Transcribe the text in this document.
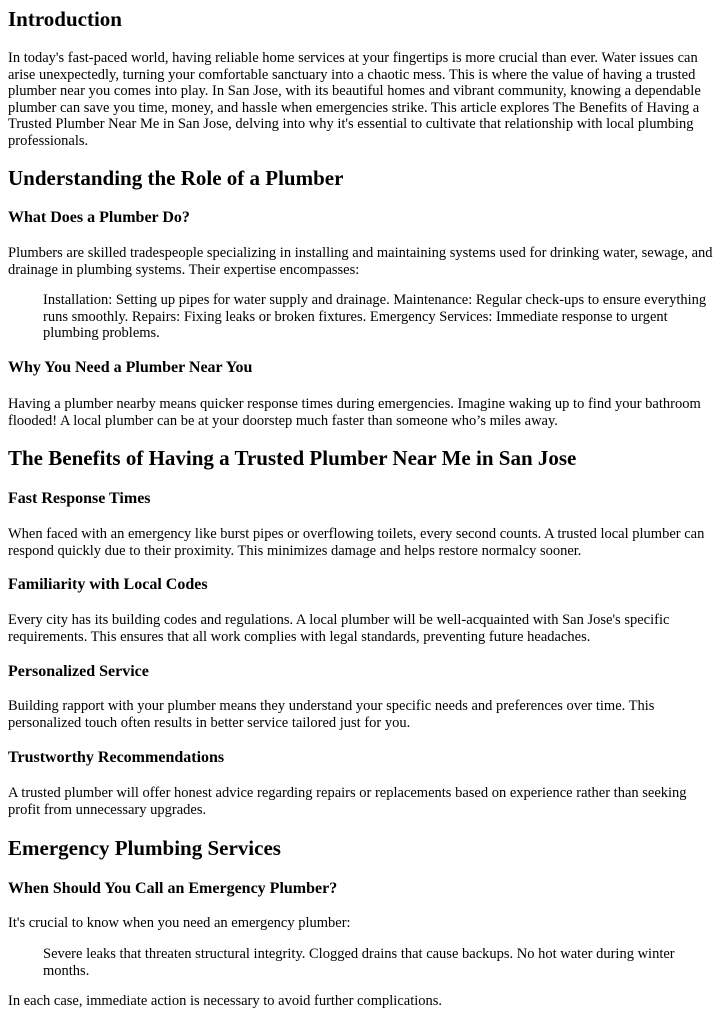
Introduction

In today's fast-paced world, having reliable home services at your fingertips is more crucial than ever. Water issues can arise unexpectedly, turning your comfortable sanctuary into a chaotic mess. This is where the value of having a trusted plumber near you comes into play. In San Jose, with its beautiful homes and vibrant community, knowing a dependable plumber can save you time, money, and hassle when emergencies strike. This article explores The Benefits of Having a Trusted Plumber Near Me in San Jose, delving into why it's essential to cultivate that relationship with local plumbing professionals.

Understanding the Role of a Plumber
What Does a Plumber Do?

Plumbers are skilled tradespeople specializing in installing and maintaining systems used for drinking water, sewage, and drainage in plumbing systems. Their expertise encompasses:

Installation: Setting up pipes for water supply and drainage. Maintenance: Regular check-ups to ensure everything runs smoothly. Repairs: Fixing leaks or broken fixtures. Emergency Services: Immediate response to urgent plumbing problems.
Why You Need a Plumber Near You

Having a plumber nearby means quicker response times during emergencies. Imagine waking up to find your bathroom flooded! A local plumber can be at your doorstep much faster than someone who’s miles away.

The Benefits of Having a Trusted Plumber Near Me in San Jose
Fast Response Times

When faced with an emergency like burst pipes or overflowing toilets, every second counts. A trusted local plumber can respond quickly due to their proximity. This minimizes damage and helps restore normalcy sooner.

Familiarity with Local Codes

Every city has its building codes and regulations. A local plumber will be well-acquainted with San Jose's specific requirements. This ensures that all work complies with legal standards, preventing future headaches.

Personalized Service

Building rapport with your plumber means they understand your specific needs and preferences over time. This personalized touch often results in better service tailored just for you.

Trustworthy Recommendations

A trusted plumber will offer honest advice regarding repairs or replacements based on experience rather than seeking profit from unnecessary upgrades.

Emergency Plumbing Services
When Should You Call an Emergency Plumber?

It's crucial to know when you need an emergency plumber:

Severe leaks that threaten structural integrity. Clogged drains that cause backups. No hot water during winter months.

In each case, immediate action is necessary to avoid further complications.
